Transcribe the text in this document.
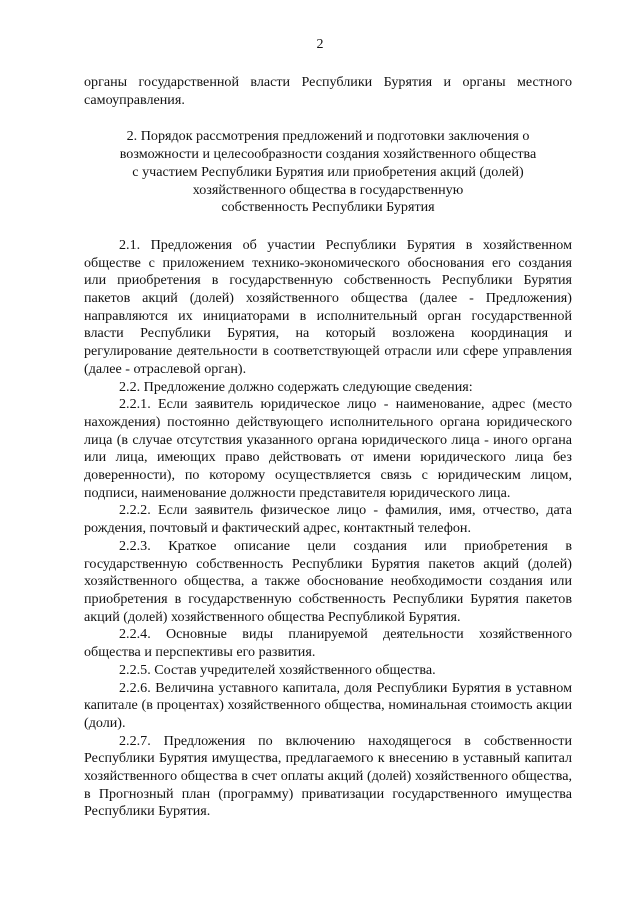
2

органы государственной власти Республики Бурятия и органы местного самоуправления.

2. Порядок рассмотрения предложений и подготовки заключения о
возможности и целесообразности создания хозяйственного общества
с участием Республики Бурятия или приобретения акций (долей)
хозяйственного общества в государственную
собственность Республики Бурятия

2.1. Предложения об участии Республики Бурятия в хозяйственном обществе с приложением технико-экономического обоснования его создания или приобретения в государственную собственность Республики Бурятия пакетов акций (долей) хозяйственного общества (далее - Предложения) направляются их инициаторами в исполнительный орган государственной власти Республики Бурятия, на который возложена координация и регулирование деятельности в соответствующей отрасли или сфере управления (далее - отраслевой орган).

2.2. Предложение должно содержать следующие сведения:

2.2.1. Если заявитель юридическое лицо - наименование, адрес (место нахождения) постоянно действующего исполнительного органа юридического лица (в случае отсутствия указанного органа юридического лица - иного органа или лица, имеющих право действовать от имени юридического лица без доверенности), по которому осуществляется связь с юридическим лицом, подписи, наименование должности представителя юридического лица.

2.2.2. Если заявитель физическое лицо - фамилия, имя, отчество, дата рождения, почтовый и фактический адрес, контактный телефон.

2.2.3. Краткое описание цели создания или приобретения в государственную собственность Республики Бурятия пакетов акций (долей) хозяйственного общества, а также обоснование необходимости создания или приобретения в государственную собственность Республики Бурятия пакетов акций (долей) хозяйственного общества Республикой Бурятия.

2.2.4. Основные виды планируемой деятельности хозяйственного общества и перспективы его развития.

2.2.5. Состав учредителей хозяйственного общества.

2.2.6. Величина уставного капитала, доля Республики Бурятия в уставном капитале (в процентах) хозяйственного общества, номинальная стоимость акции (доли).

2.2.7. Предложения по включению находящегося в собственности Республики Бурятия имущества, предлагаемого к внесению в уставный капитал хозяйственного общества в счет оплаты акций (долей) хозяйственного общества, в Прогнозный план (программу) приватизации государственного имущества Республики Бурятия.
